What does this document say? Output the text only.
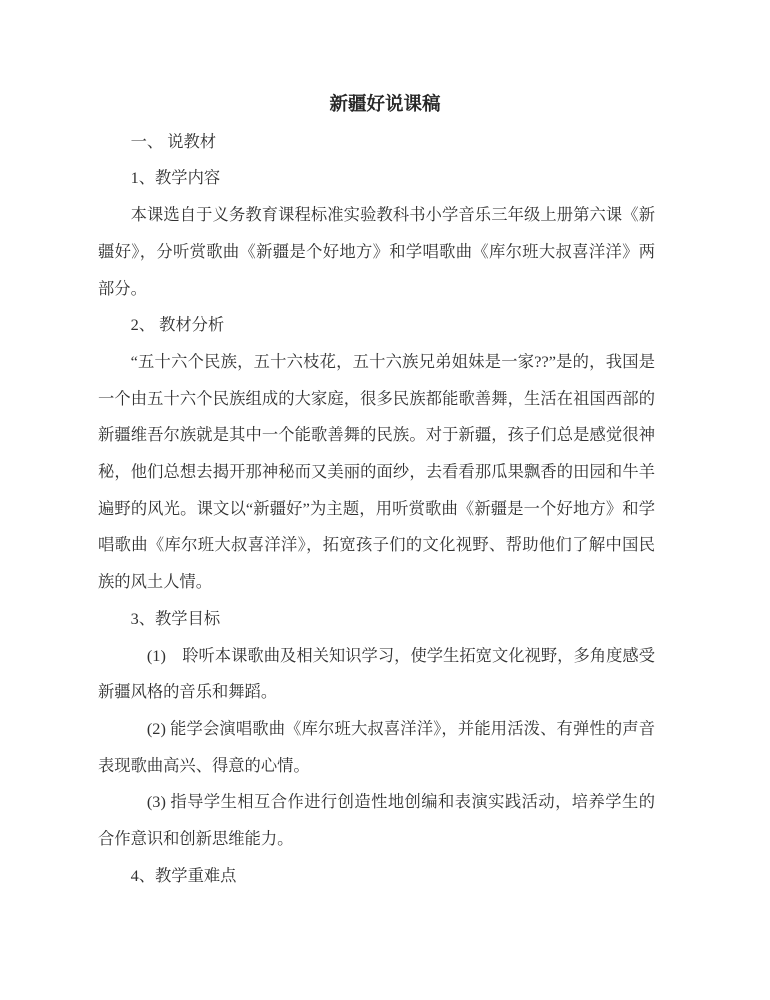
新疆好说课稿

一、 说教材

1、教学内容

本课选自于义务教育课程标准实验教科书小学音乐三年级上册第六课《新疆好》，分听赏歌曲《新疆是个好地方》和学唱歌曲《库尔班大叔喜洋洋》两部分。

2、 教材分析

“五十六个民族，五十六枝花，五十六族兄弟姐妹是一家??”是的，我国是一个由五十六个民族组成的大家庭，很多民族都能歌善舞，生活在祖国西部的新疆维吾尔族就是其中一个能歌善舞的民族。对于新疆，孩子们总是感觉很神秘，他们总想去揭开那神秘而又美丽的面纱，去看看那瓜果飘香的田园和牛羊遍野的风光。课文以“新疆好”为主题，用听赏歌曲《新疆是一个好地方》和学唱歌曲《库尔班大叔喜洋洋》，拓宽孩子们的文化视野、帮助他们了解中国民族的风土人情。

3、教学目标

(1)　聆听本课歌曲及相关知识学习，使学生拓宽文化视野，多角度感受新疆风格的音乐和舞蹈。

(2) 能学会演唱歌曲《库尔班大叔喜洋洋》，并能用活泼、有弹性的声音表现歌曲高兴、得意的心情。

(3) 指导学生相互合作进行创造性地创编和表演实践活动，培养学生的合作意识和创新思维能力。

4、教学重难点
